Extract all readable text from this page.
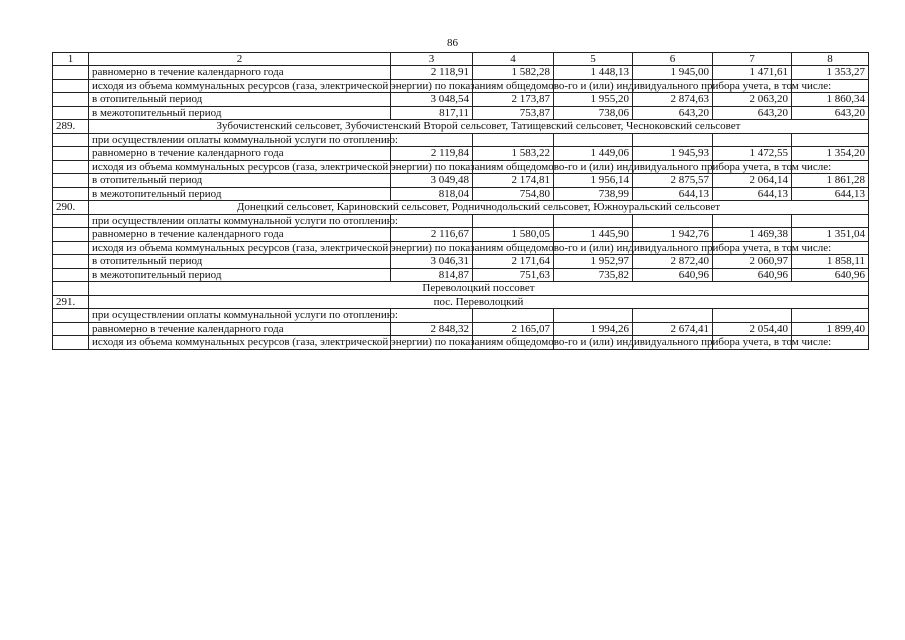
86
1	2	3	4	5	6	7	8
	равномерно в течение календарного года	2 118,91	1 582,28	1 448,13	1 945,00	1 471,61	1 353,27
	исходя из объема коммунальных ресурсов (газа, электрической энергии) по показаниям общедомово-го и (или) индивидуального прибора учета, в том числе:						
	в отопительный период	3 048,54	2 173,87	1 955,20	2 874,63	2 063,20	1 860,34
	в межотопительный период	817,11	753,87	738,06	643,20	643,20	643,20
289.	Зубочистенский сельсовет, Зубочистенский Второй сельсовет, Татищевский сельсовет, Чесноковский сельсовет						
	при осуществлении оплаты коммунальной услуги по отоплению:						
	равномерно в течение календарного года	2 119,84	1 583,22	1 449,06	1 945,93	1 472,55	1 354,20
	исходя из объема коммунальных ресурсов (газа, электрической энергии) по показаниям общедомово-го и (или) индивидуального прибора учета, в том числе:						
	в отопительный период	3 049,48	2 174,81	1 956,14	2 875,57	2 064,14	1 861,28
	в межотопительный период	818,04	754,80	738,99	644,13	644,13	644,13
290.	Донецкий сельсовет, Кариновский сельсовет, Родничнодольский сельсовет, Южноуральский сельсовет						
	при осуществлении оплаты коммунальной услуги по отоплению:						
	равномерно в течение календарного года	2 116,67	1 580,05	1 445,90	1 942,76	1 469,38	1 351,04
	исходя из объема коммунальных ресурсов (газа, электрической энергии) по показаниям общедомово-го и (или) индивидуального прибора учета, в том числе:						
	в отопительный период	3 046,31	2 171,64	1 952,97	2 872,40	2 060,97	1 858,11
	в межотопительный период	814,87	751,63	735,82	640,96	640,96	640,96
	Переволоцкий поссовет						
291.	пос. Переволоцкий						
	при осуществлении оплаты коммунальной услуги по отоплению:						
	равномерно в течение календарного года	2 848,32	2 165,07	1 994,26	2 674,41	2 054,40	1 899,40
	исходя из объема коммунальных ресурсов (газа, электрической энергии) по показаниям общедомово-го и (или) индивидуального прибора учета, в том числе:						
